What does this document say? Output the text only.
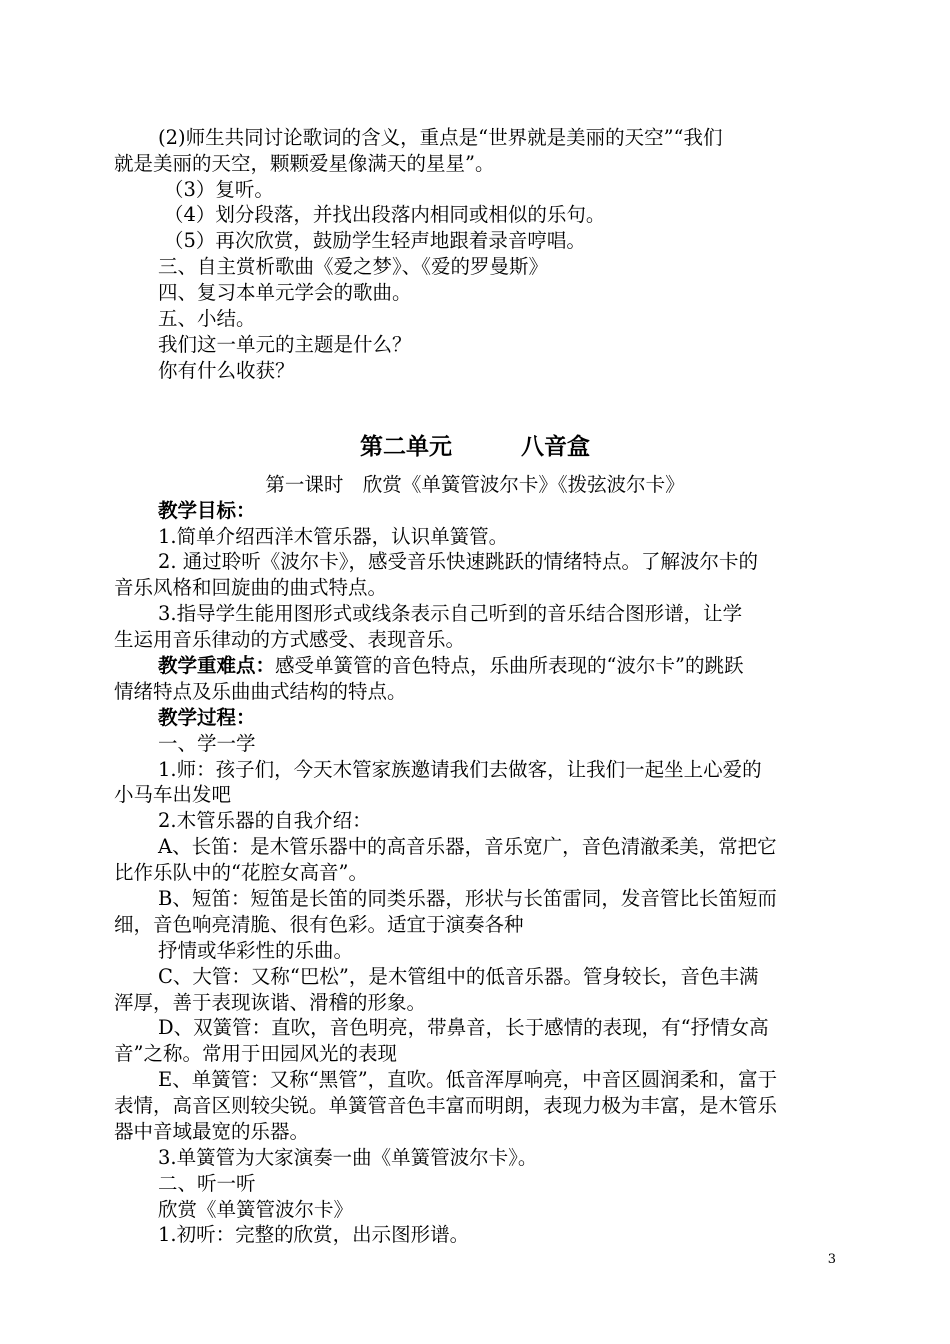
(2)师生共同讨论歌词的含义，重点是“世界就是美丽的天空”“我们
就是美丽的天空，颗颗爱星像满天的星星”。
（3）复听。
（4）划分段落，并找出段落内相同或相似的乐句。
（5）再次欣赏，鼓励学生轻声地跟着录音哼唱。
三、自主赏析歌曲《爱之梦》、《爱的罗曼斯》
四、复习本单元学会的歌曲。
五、小结。
我们这一单元的主题是什么？
你有什么收获？
第二单元　　　八音盒
第一课时　欣赏《单簧管波尔卡》《拨弦波尔卡》
教学目标：
1.简单介绍西洋木管乐器，认识单簧管。
2. 通过聆听《波尔卡》，感受音乐快速跳跃的情绪特点。了解波尔卡的
音乐风格和回旋曲的曲式特点。
3.指导学生能用图形式或线条表示自己听到的音乐结合图形谱，让学
生运用音乐律动的方式感受、表现音乐。
教学重难点：感受单簧管的音色特点，乐曲所表现的“波尔卡”的跳跃
情绪特点及乐曲曲式结构的特点。
教学过程：
一、学一学
1.师：孩子们，今天木管家族邀请我们去做客，让我们一起坐上心爱的
小马车出发吧
2.木管乐器的自我介绍：
A、长笛：是木管乐器中的高音乐器，音乐宽广，音色清澈柔美，常把它
比作乐队中的“花腔女高音”。
B、短笛：短笛是长笛的同类乐器，形状与长笛雷同，发音管比长笛短而
细，音色响亮清脆、很有色彩。适宜于演奏各种
抒情或华彩性的乐曲。
C、大管：又称“巴松”，是木管组中的低音乐器。管身较长，音色丰满
浑厚，善于表现诙谐、滑稽的形象。
D、双簧管：直吹，音色明亮，带鼻音，长于感情的表现，有“抒情女高
音”之称。常用于田园风光的表现
E、单簧管：又称“黑管”，直吹。低音浑厚响亮，中音区圆润柔和，富于
表情，高音区则较尖锐。单簧管音色丰富而明朗，表现力极为丰富，是木管乐
器中音域最宽的乐器。
3.单簧管为大家演奏一曲《单簧管波尔卡》。
二、听一听
欣赏《单簧管波尔卡》
1.初听：完整的欣赏，出示图形谱。
3
